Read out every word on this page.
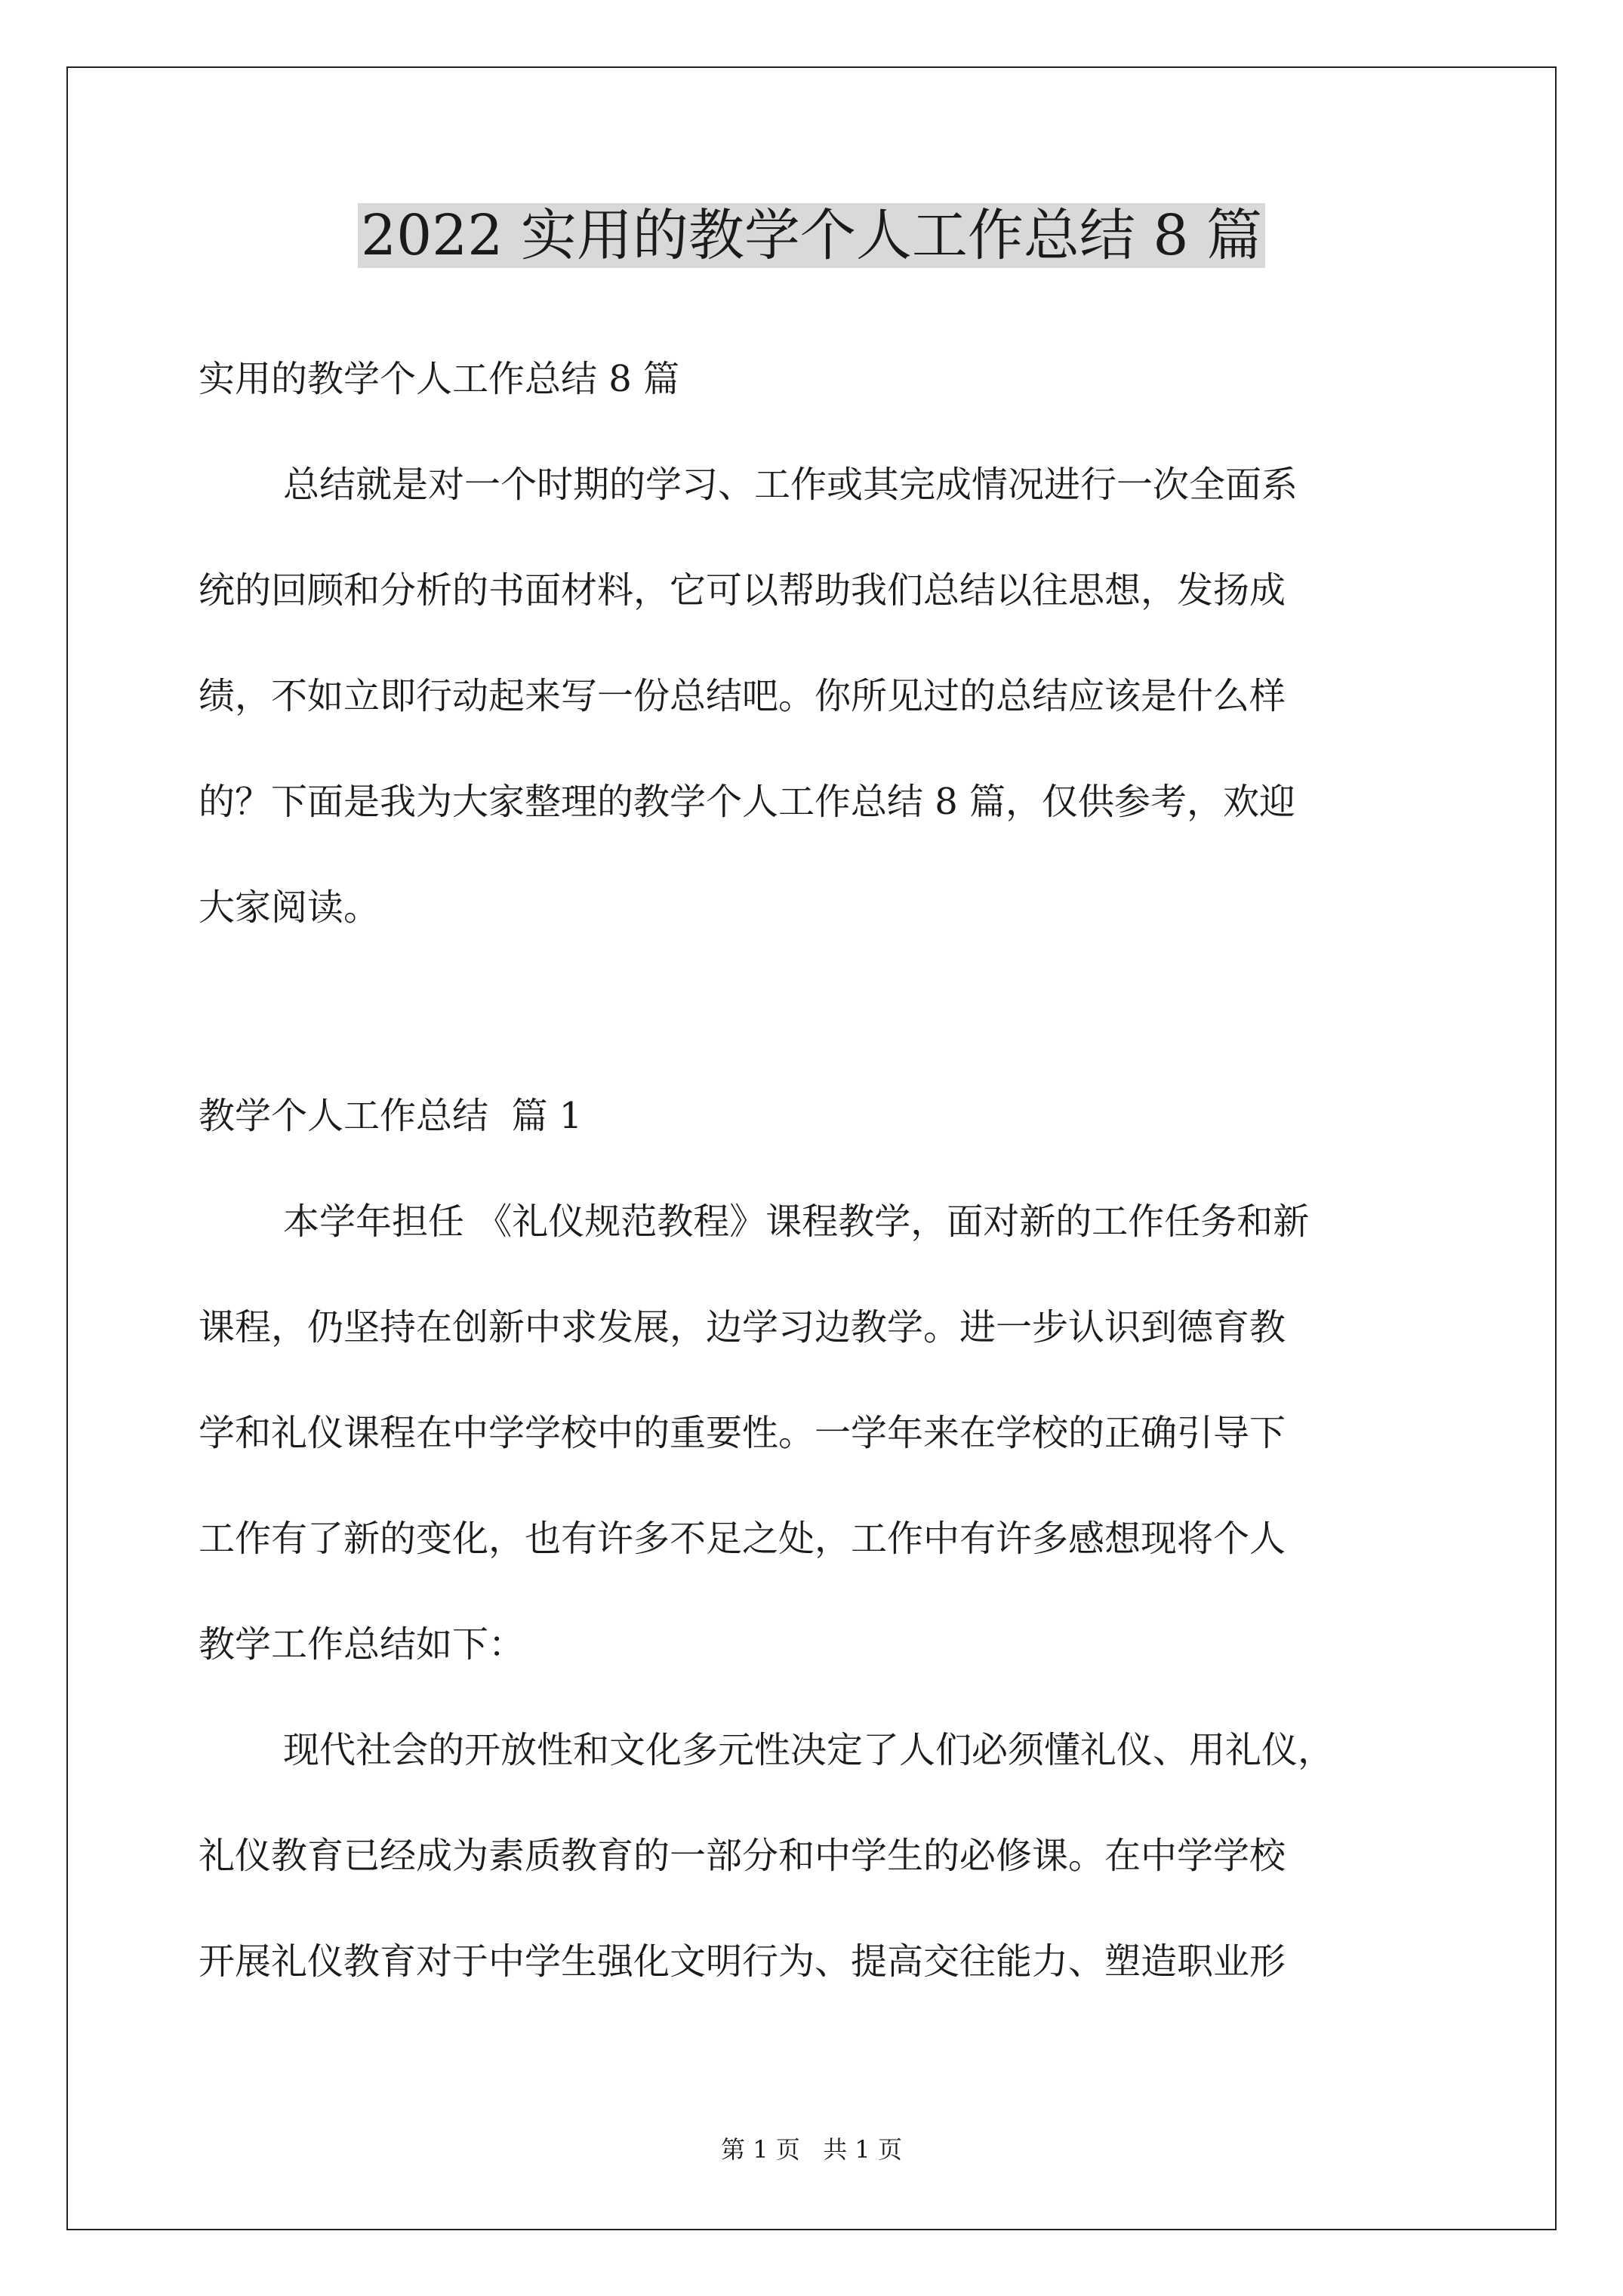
2022 实用的教学个人工作总结 8 篇
实用的教学个人工作总结 8 篇
总结就是对一个时期的学习、工作或其完成情况进行一次全面系
统的回顾和分析的书面材料，它可以帮助我们总结以往思想，发扬成
绩，不如立即行动起来写一份总结吧。你所见过的总结应该是什么样
的？下面是我为大家整理的教学个人工作总结 8 篇，仅供参考，欢迎
大家阅读。
教学个人工作总结  篇 1
本学年担任 《礼仪规范教程》课程教学，面对新的工作任务和新
课程，仍坚持在创新中求发展，边学习边教学。进一步认识到德育教
学和礼仪课程在中学学校中的重要性。一学年来在学校的正确引导下
工作有了新的变化，也有许多不足之处，工作中有许多感想现将个人
教学工作总结如下：
现代社会的开放性和文化多元性决定了人们必须懂礼仪、用礼仪，
礼仪教育已经成为素质教育的一部分和中学生的必修课。在中学学校
开展礼仪教育对于中学生强化文明行为、提高交往能力、塑造职业形
第 1 页   共 1 页
